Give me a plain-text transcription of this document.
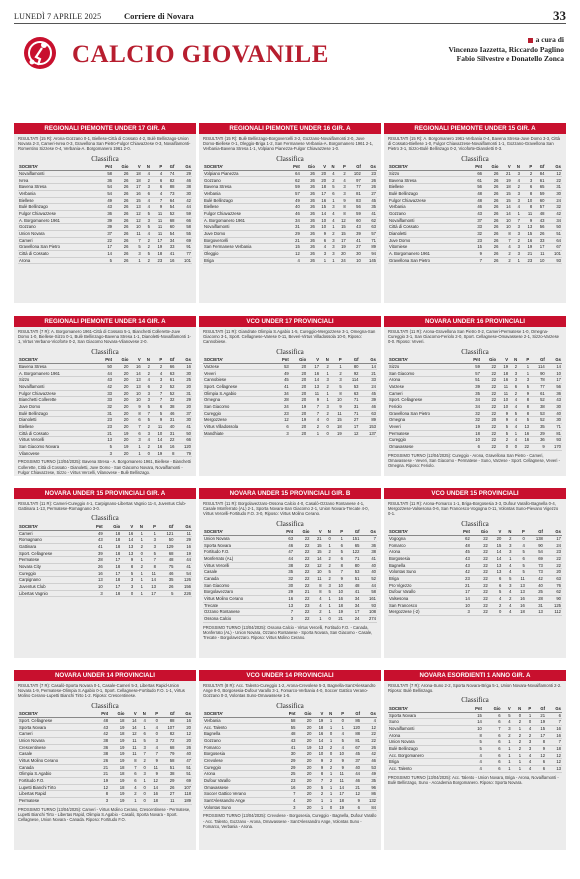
LUNEDÌ 7 APRILE 2025	Corriere di Novara	33
CALCIO GIOVANILE
a cura di
Vincenzo Iazzetta, Riccardo Paglino
Fabio Silvestre e Donatello Zonca
REGIONALI PIEMONTE UNDER 17 GIR. A
RISULTATI (15 R): Arona-Gozzano 0-1, Biellese-Città di Cossato 4-2, Bulè Bellinzago-Union Novara 2-3, Cameri-Ivrea 0-3, Gravellona San Pietro-Fulgor Chiavazzese 0-3, Novaiflamonti-Romentino Sizzese 0-4, Verbania-A. Borgomanero 1961 2-0.
Classifica
SOCIETA'	Pnt	Gio	V	N	P	Gf	Gs
Novaiflamonti	58	26	18	4	4	74	29
Ivrea	36	26	18	2	6	82	46
Bavena Stresa	54	26	17	3	6	88	38
Verbania	54	26	16	6	4	73	30
Biellese	49	26	15	4	7	64	42
Bulè Bellinzago	43	26	13	4	9	54	44
Fulgor Chiavazzese	36	26	12	5	11	52	59
A. Borgomanero 1961	39	26	12	3	11	68	66
Gozzano	39	26	10	5	11	60	58
Union Novara	37	26	11	4	11	54	55
Cameri	22	26	7	2	17	34	69
Gravellona San Pietro	17	26	5	2	19	33	91
Città di Cossato	14	26	3	5	18	41	77
Arona	5	26	1	2	23	16	101
REGIONALI PIEMONTE UNDER 16 GIR. A
RISULTATI (15 R): Bulè Bellinzago-Borgovercelli 3-2, Gozzano-Novaiflamonti 2-0, Juve Domo-Biellese 0-1, Oleggio-Briga 1-2, San Fermanese Verbania-A. Borgomanero 1961 2-1, Verbania-Bavena Stresa 1-1, Volpiano Pianezza-Fulgor Chiavazzese 1-0.
Classifica
SOCIETA'	Pnt	Gio	V	N	P	Gf	Gs
Volpiano Pianezza	64	26	20	4	2	102	23
Gozzano	62	26	20	2	4	97	26
Bavena Stresa	59	26	18	5	3	77	26
Verbania	57	26	17	6	3	81	27
Bulè Bellinzago	49	26	16	1	9	83	45
Biellese	40	26	15	3	8	56	35
Fulgor Chiavazzese	46	26	14	4	8	59	41
A. Borgomanero 1961	34	26	10	4	12	60	62
Novaiflamonti	31	26	10	1	15	43	63
Juve Domo	29	26	9	2	15	39	57
Borgovercelli	21	26	6	3	17	41	71
San Fermanese Verbania	15	26	4	3	19	27	89
Oleggio	12	26	3	3	20	30	94
Briga	4	26	1	1	24	10	145
REGIONALI PIEMONTE UNDER 15 GIR. A
RISULTATI (15 R): A. Borgomanero 1961-Verbania 0-4, Bavena Stresa-Juve Domo 3-3, Città di Cossato-Biellese 1-0, Fulgor Chiavazzese-Novaiflamonti 1-1, Gozzano-Gravellona San Pietro 3-1, Sizzo-Bulè Bellinzago 0-2, Vicoforte-Dianoletti 0-3.
Classifica
SOCIETA'	Pnt	Gio	V	N	P	Gf	Gs
Sizzo	66	26	21	3	2	84	12
Bavena Stresa	61	26	19	4	3	61	22
Biellese	56	26	18	2	6	65	31
Bulè Bellinzago	48	26	15	3	8	59	30
Fulgor Chiavazzese	48	26	15	3	10	60	24
Verbania	46	26	14	4	8	57	32
Gozzano	43	26	14	1	11	48	42
Novaiflamonti	37	26	10	7	9	43	34
Città di Cossato	33	26	10	3	13	56	50
Dianoletti	32	26	8	3	15	26	51
Juve Domo	23	26	7	2	16	33	64
Vitomiese	15	26	4	3	19	17	67
A. Borgomanero 1961	9	26	2	3	21	11	101
Gravellona San Pietro	7	26	2	1	23	10	93
REGIONALI PIEMONTE UNDER 14 GIR. A
RISULTATI (7 R): A. Borgomanero 1961-Città di Cossato 5-1, Bianchetti Collerette-Juve Domo 1-0, Biellese-Sizzo 0-1, Bulè Bellinzago-Bavena Stresa 1-1, Dianoletti-Novaiflamonti 1-1, Virtus Verbano-Vicoforte 0-2, San Giacomo Novara-Vilanovese 2-0.
Classifica
SOCIETA'	Pnt	Gio	V	N	P	Gf	Gs
Bavena Stresa	50	20	16	2	2	66	16
A. Borgomanero 1961	44	20	14	2	4	63	30
Sizzo	43	20	13	4	3	61	25
Novaiflamonti	42	20	13	6	2	52	20
Fulgor Chiavazzese	33	20	10	3	7	52	31
Bianchetti Collerette	33	20	10	3	7	32	29
Juve Domo	32	20	9	5	6	38	20
Bulè Bellinzago	31	20	8	7	5	46	37
Dianoletti	23	20	6	5	9	31	30
Biellese	23	20	7	2	11	40	41
Città di Cossato	21	19	6	3	10	31	50
Virtus Vercelli	13	20	3	4	14	22	66
San Giacomo Novara	5	19	1	2	16	16	120
Vilanovese	3	20	1	0	19	8	79
PROSSIMO TURNO (13/04/2025): Bavena Stresa - A. Borgomanero 1961, Biellese - Bianchetti Collerette, Città di Cossato - Dianoletti, Juve Domo - San Giacomo Novara, Novaiflamonti - Fulgor Chiavazzese, Sizzo - Virtus Vercelli, Vilanovese - Bulè Bellinzago.
VCO UNDER 17 PROVINCIALI
RISULTATI (11 R): Giandrate Olimpia S.Agabio 1-5, Cureggio-Mergozzese 3-1, Omegna-San Giacomo 3-1, Sport. Cellagnese-Varese 0-11, Beveri-Virtus Villadossola 10-0, Riposo: Cannobiese.
Classifica
SOCIETA'	Pnt	Gio	V	N	P	Gf	Gs
Varzese	53	20	17	2	1	80	14
Veveri	49	20	16	1	2	92	21
Cannobiese	45	20	14	3	3	114	33
Sport. Cellagnese	41	20	13	2	5	53	24
Olimpia S.Agabio	34	20	11	1	8	63	45
Omegna	28	20	9	1	10	71	39
San Giacomo	24	19	7	3	9	31	46
Cureggio	23	20	7	2	11	71	63
Mergozzese	12	19	4	0	15	27	89
Virtus Villadossola	6	20	2	0	18	17	153
Mandhiate	3	20	1	0	19	12	137
NOVARA UNDER 16 PROVINCIALI
RISULTATI (11 R): Arona-Gravellona San Pietro 0-2, Cameri-Permatese 1-0, Omegna-Cureggio 3-1, San Giacomo-Feriolo 2-0, Sport. Cellagnese-Omavassese 2-1, Sizzo-Varzese 0-0. Riposo: Veveri.
Classifica
SOCIETA'	Pnt	Gio	V	N	P	Gf	Gs
Sizzo	59	22	19	2	1	114	14
San Giacomo	57	22	18	3	1	90	10
Arona	51	22	16	3	3	78	17
Varzese	39	22	11	6	5	77	56
Cameri	35	22	11	2	9	61	36
Sport. Cellagnese	34	22	10	4	8	52	43
Feriolo	34	22	10	4	8	38	30
Gravellona San Pietro	32	22	9	5	8	53	40
Omegna	32	20	9	4	5	52	30
Veveri	19	22	5	4	13	35	71
Permatese	18	22	5	1	16	29	81
Cureggio	10	22	2	4	16	36	93
Omavassese	6	22	0	0	22	9	170
PROSSIMO TURNO (12/04/2025): Cureggio - Arona, Gravellona San Pietro - Cameri, Omavassese - Veveri, San Giacomo - Permatese - Suno, Varzese - Sport. Cellagnese, Veveri - Omegna. Riposo: Feriolo.
NOVARA UNDER 15 PROVINCIALI GIR. A
RISULTATI (11 R): Cameri-Cureggio 4-1, Carpignano-Libertas Vagnio 11-4, Juventus Club-Gattinara 1-13, Permatese-Romagnano 3-0.
Classifica
SOCIETA'	Pnt	Gio	V	N	P	Gf	Gs
Cameri	49	18	16	1	1	121	11
Romagnano	43	18	14	1	3	50	29
Gattinara	41	18	13	2	3	129	16
Sport. Cellagnese	39	18	13	0	5	68	19
Permatese	28	17	9	1	7	48	44
Novara City	26	18	8	2	8	75	41
Cureggio	16	17	5	1	11	46	54
Carpignano	13	18	3	1	14	35	126
Juventus Club	10	17	3	1	13	26	156
Libertas Vagnio	3	18	0	1	17	5	226
NOVARA UNDER 15 PROVINCIALI GIR. B
RISULTATI (11 R): Borgolavezzaro-Ossona Calcio 4-0, Casalò-Ozzano Rontanese 4-1, Casale Monferrato (AL) 2-1, Sporta Novara-San Giacomo 2-1, Union Novara-Trecate 4-0, Virtus Vercelli-Fortitudo F.O. 3-0, Riposo: Virtus Molino Cerano.
Classifica
SOCIETA'	Pnt	Gio	V	N	P	Gf	Gs
Union Novara	63	22	21	0	1	151	7
Sporta Novara	46	22	15	1	6	65	36
Fortitudo F.O.	47	22	15	2	5	122	38
Monferrato (AL)	44	22	14	2	6	71	41
Virtus Vercelli	38	22	12	2	8	80	40
Casale	35	22	10	5	7	53	40
Canada	32	22	11	2	9	51	52
San Giacomo	30	22	8	3	10	48	44
Borgolavezzaro	29	21	8	5	10	41	58
Virtus Molino Cerano	16	22	4	1	16	34	161
Trecate	13	23	4	1	18	34	93
Ozzano Rontanese	7	22	2	1	19	17	108
Ossona Calcio	3	22	1	0	21	24	274
PROSSIMO TURNO (13/04/2025): Ossona Calcio - Virtus Vercelli, Fortitudo F.O. - Canada, Monferrato (AL) - Union Novara, Ozzano Rontanese - Sporta Novara, San Giacomo - Casale, Trecate - Borgolavezzaro. Riposo: Virtus Molino Cerano.
VCO UNDER 15 PROVINCIALI
RISULTATI (11 R): Arona-Fomarco 1-1, Briga-Borgosesia 3-3, Dufour Varallo-Bagnella 0-4, Mergozzese-Valsesona 0-6, San Francesco-Vogogna 0-11, Volontas Suno-Pievano Vigezzo 0-1.
Classifica
SOCIETA'	Pnt	Gio	V	N	P	Gf	Gs
Vogogna	62	22	20	2	0	138	17
Fomarco	48	22	15	3	4	90	24
Arona	45	22	14	3	5	54	23
Borgosesia	43	22	14	1	6	69	22
Bagnella	43	22	13	4	5	73	22
Volontas Suno	42	22	13	4	5	73	20
Briga	23	22	6	5	11	42	63
Pro Vigezzo	21	22	6	3	13	40	76
Dufour Varallo	17	22	5	4	13	25	62
Valsesona	14	22	4	2	16	28	90
San Francesco	10	22	2	4	16	31	125
Mergozzese (-2)	3	22	0	4	18	13	112
NOVARA UNDER 14 PROVINCIALI
RISULTATI (7 R): Casalò-Sporta Novara 0-1, Casale-Cameri 5-3, Libertas Rapid-Union Novara 1-9, Permatese-Olimpia S.Agabio 0-1, Sport. Cellagnese-Fortitudo F.O. 1-1, Virtus Molino Cerano-Lupetti Bianchi Tirto 1-2. Riposo: Crescentinese.
Classifica
SOCIETA'	Pnt	Gio	V	N	P	Gf	Gs
Sport. Cellagnese	48	18	14	4	0	88	16
Sporta Novara	43	19	14	1	4	107	20
Cameri	42	18	12	6	0	82	12
Union Novara	38	19	11	5	3	72	20
Crescentinese	36	19	11	3	4	68	26
Casale	38	19	11	7	7	79	40
Virtus Molino Cerano	26	19	8	2	9	58	47
Canada	21	18	7	0	11	51	51
Olimpia S.Agabio	21	18	6	3	9	38	51
Fortitudo F.O.	19	19	6	1	12	29	69
Lupetti Bianchi Tirto	12	18	4	0	14	26	107
Libertas Rapid	8	19	2	0	16	27	118
Permatese	3	19	1	0	18	11	189
PROSSIMO TURNO (13/04/2025): Cameri - Virtus Molino Cerano, Crescentinese - Permatese, Lupetti Bianchi Tirto - Libertas Rapid, Olimpia S.Agabio - Casalò, Sporta Novara - Sport. Cellagnese, Union Novara - Canada. Riposo: Fortitudo F.O.
VCO UNDER 14 PROVINCIALI
RISULTATI (8 R): Acc. Talento-Cureggio 1-2, Arona-Crevolese 5-3, Bagnella-Sant'Alessandro Ange 8-0, Borgosesia-Dufour Varallo 3-1, Fomarco-Verbania 4-0, Soccer Gattico Verano-Gozzano 0-3, Volontas Suno-Omavassese 1-5.
Classifica
SOCIETA'	Pnt	Gio	V	N	P	Gf	Gs
Verbania	58	20	19	1	0	86	4
Acc. Talento	55	20	18	1	1	120	12
Bagnella	48	20	16	0	4	88	22
Gozzano	43	20	14	1	5	81	22
Fomarco	41	19	13	2	4	67	26
Borgosesia	30	20	10	0	10	45	42
Crevolese	29	20	9	2	9	37	46
Cureggio	29	20	9	2	9	40	53
Arona	25	20	8	1	11	44	49
Dufour Varallo	23	20	7	2	11	46	35
Omavassese	16	20	5	1	14	21	96
Soccer Gattico Verano	7	20	2	1	17	12	86
Sant'Alessandro Ange	4	20	1	1	18	9	132
Volontas Suno	3	20	1	0	19	6	84
PROSSIMO TURNO (13/04/2025): Crevolese - Borgosesia, Cureggio - Bagnella, Dufour Varallo - Acc. Talento, Gozzano - Arona, Omavassese - Sant'Alessandro Ange, Volontas Suno - Fomarco, Verbania - Arona.
NOVARA ESORDIENTI 1 ANNO GIR. A
RISULTATI (7 R): Arona-Suno 2-2, Sporta Novara-Briga 5-1, Union Novara-Novaiflamonti 2-2. Riposo: Bulè Bellinzago.
Classifica
SOCIETA'	Pnt	Gio	V	N	P	Gf	Gs
Sporta Novara	15	6	5	0	1	21	6
Suno	14	6	4	2	0	19	7
Novaiflamonti	10	7	3	1	4	15	16
Arona	8	6	2	2	2	17	16
Union Novara	5	6	1	2	3	8	7
Bulè Bellinzago	5	6	1	2	3	9	18
Acc. Borgomanero	4	6	1	1	4	12	12
Briga	4	6	1	1	4	6	12
Acc. Talento	4	6	1	1	4	6	13
PROSSIMO TURNO (13/04/2025): Acc. Talento - Union Novara, Briga - Arona, Novaiflamonti - Bulè Bellinzago, Suno - Accademia Borgomanero. Riposo: Sporta Novara.
